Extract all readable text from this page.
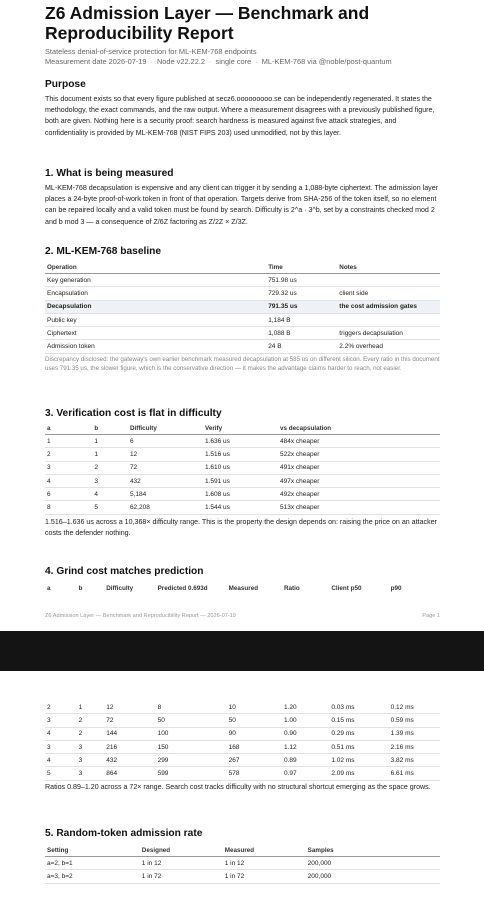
Z6 Admission Layer — Benchmark and Reproducibility Report
Stateless denial-of-service protection for ML-KEM-768 endpoints
Measurement date 2026-07-19 · Node v22.22.2 · single core · ML-KEM-768 via @noble/post-quantum
Purpose

This document exists so that every figure published at secz6.ooooooooo.se can be independently regenerated. It states the methodology, the exact commands, and the raw output. Where a measurement disagrees with a previously published figure, both are given. Nothing here is a security proof: search hardness is measured against five attack strategies, and confidentiality is provided by ML-KEM-768 (NIST FIPS 203) used unmodified, not by this layer.

1. What is being measured

ML-KEM-768 decapsulation is expensive and any client can trigger it by sending a 1,088-byte ciphertext. The admission layer places a 24-byte proof-of-work token in front of that operation. Targets derive from SHA-256 of the token itself, so no element can be repaired locally and a valid token must be found by search. Difficulty is 2^a · 3^b, set by a constraints checked mod 2 and b mod 3 — a consequence of Z/6Z factoring as Z/2Z × Z/3Z.

2. ML-KEM-768 baseline
Operation	Time	Notes
Key generation	751.98 us	
Encapsulation	729.32 us	client side
Decapsulation	791.35 us	the cost admission gates
Public key	1,184 B	
Ciphertext	1,088 B	triggers decapsulation
Admission token	24 B	2.2% overhead

Discrepancy disclosed: the gateway's own earlier benchmark measured decapsulation at 585 us on different silicon. Every ratio in this document uses 791.35 us, the slower figure, which is the conservative direction — it makes the advantage claims harder to reach, not easier.

3. Verification cost is flat in difficulty
a	b	Difficulty	Verify	vs decapsulation
1	1	6	1.636 us	484x cheaper
2	1	12	1.516 us	522x cheaper
3	2	72	1.610 us	491x cheaper
4	3	432	1.591 us	497x cheaper
6	4	5,184	1.608 us	492x cheaper
8	5	62,208	1.544 us	513x cheaper

1.516–1.636 us across a 10,368× difficulty range. This is the property the design depends on: raising the price on an attacker costs the defender nothing.

4. Grind cost matches prediction
a	b	Difficulty	Predicted 0.693d	Measured	Ratio	Client p50	p90
Z6 Admission Layer — Benchmark and Reproducibility Report — 2026-07-19	Page 1
2	1	12	8	10	1.20	0.03 ms	0.12 ms
3	2	72	50	50	1.00	0.15 ms	0.59 ms
4	2	144	100	90	0.90	0.29 ms	1.39 ms
3	3	216	150	168	1.12	0.51 ms	2.16 ms
4	3	432	299	267	0.89	1.02 ms	3.82 ms
5	3	864	599	578	0.97	2.09 ms	6.61 ms

Ratios 0.89–1.20 across a 72× range. Search cost tracks difficulty with no structural shortcut emerging as the space grows.

5. Random-token admission rate
Setting	Designed	Measured	Samples
a=2, b=1	1 in 12	1 in 12	200,000
a=3, b=2	1 in 72	1 in 72	200,000
